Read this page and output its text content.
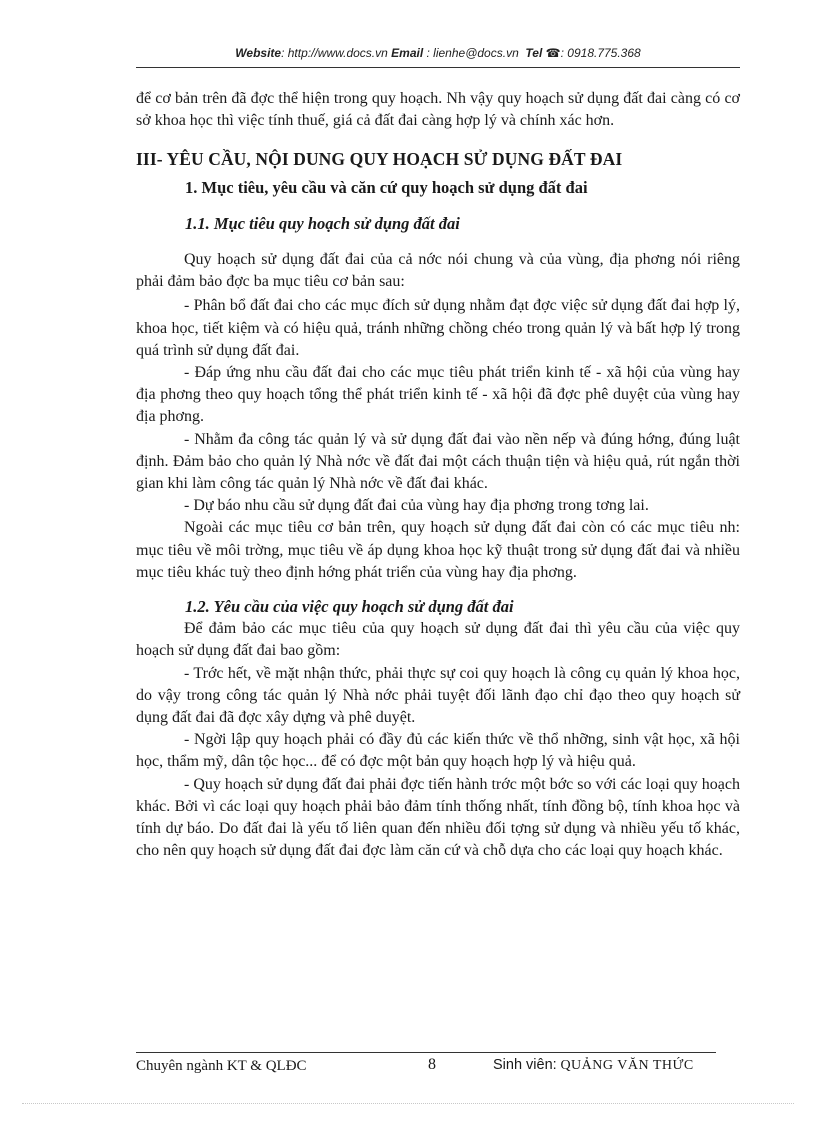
Website: http://www.docs.vn Email : lienhe@docs.vn Tel ☎: 0918.775.368

để cơ bản trên đã đợc thể hiện trong quy hoạch. Nh vậy quy hoạch sử dụng đất đai càng có cơ sở khoa học thì việc tính thuế, giá cả đất đai càng hợp lý và chính xác hơn.

III- YÊU CẦU, NỘI DUNG QUY HOẠCH SỬ DỤNG ĐẤT ĐAI

1. Mục tiêu, yêu cầu và căn cứ quy hoạch sử dụng đất đai

1.1. Mục tiêu quy hoạch sử dụng đất đai

Quy hoạch sử dụng đất đai của cả nớc nói chung và của vùng, địa phơng nói riêng phải đảm bảo đợc ba mục tiêu cơ bản sau:

- Phân bổ đất đai cho các mục đích sử dụng nhằm đạt đợc việc sử dụng đất đai hợp lý, khoa học, tiết kiệm và có hiệu quả, tránh những chồng chéo trong quản lý và bất hợp lý trong quá trình sử dụng đất đai.

- Đáp ứng nhu cầu đất đai cho các mục tiêu phát triển kinh tế - xã hội của vùng hay địa phơng theo quy hoạch tổng thể phát triển kinh tế - xã hội đã đợc phê duyệt của vùng hay địa phơng.

- Nhằm đa công tác quản lý và sử dụng đất đai vào nền nếp và đúng hớng, đúng luật định. Đảm bảo cho quản lý Nhà nớc về đất đai một cách thuận tiện và hiệu quả, rút ngắn thời gian khi làm công tác quản lý Nhà nớc về đất đai khác.

- Dự báo nhu cầu sử dụng đất đai của vùng hay địa phơng trong tơng lai.

Ngoài các mục tiêu cơ bản trên, quy hoạch sử dụng đất đai còn có các mục tiêu nh: mục tiêu về môi trờng, mục tiêu về áp dụng khoa học kỹ thuật trong sử dụng đất đai và nhiều mục tiêu khác tuỳ theo định hớng phát triển của vùng hay địa phơng.

1.2. Yêu cầu của việc quy hoạch sử dụng đất đai

Để đảm bảo các mục tiêu của quy hoạch sử dụng đất đai thì yêu cầu của việc quy hoạch sử dụng đất đai bao gồm:

- Trớc hết, về mặt nhận thức, phải thực sự coi quy hoạch là công cụ quản lý khoa học, do vậy trong công tác quản lý Nhà nớc phải tuyệt đối lãnh đạo chỉ đạo theo quy hoạch sử dụng đất đai đã đợc xây dựng và phê duyệt.

- Ngời lập quy hoạch phải có đầy đủ các kiến thức về thổ nhỡng, sinh vật học, xã hội học, thẩm mỹ, dân tộc học... để có đợc một bản quy hoạch hợp lý và hiệu quả.

- Quy hoạch sử dụng đất đai phải đợc tiến hành trớc một bớc so với các loại quy hoạch khác. Bởi vì các loại quy hoạch phải bảo đảm tính thống nhất, tính đồng bộ, tính khoa học và tính dự báo. Do đất đai là yếu tố liên quan đến nhiều đối tợng sử dụng và nhiều yếu tố khác, cho nên quy hoạch sử dụng đất đai đợc làm căn cứ và chỗ dựa cho các loại quy hoạch khác.

Chuyên ngành KT & QLĐC	8	Sinh viên: QUẢNG VĂN THỨC
